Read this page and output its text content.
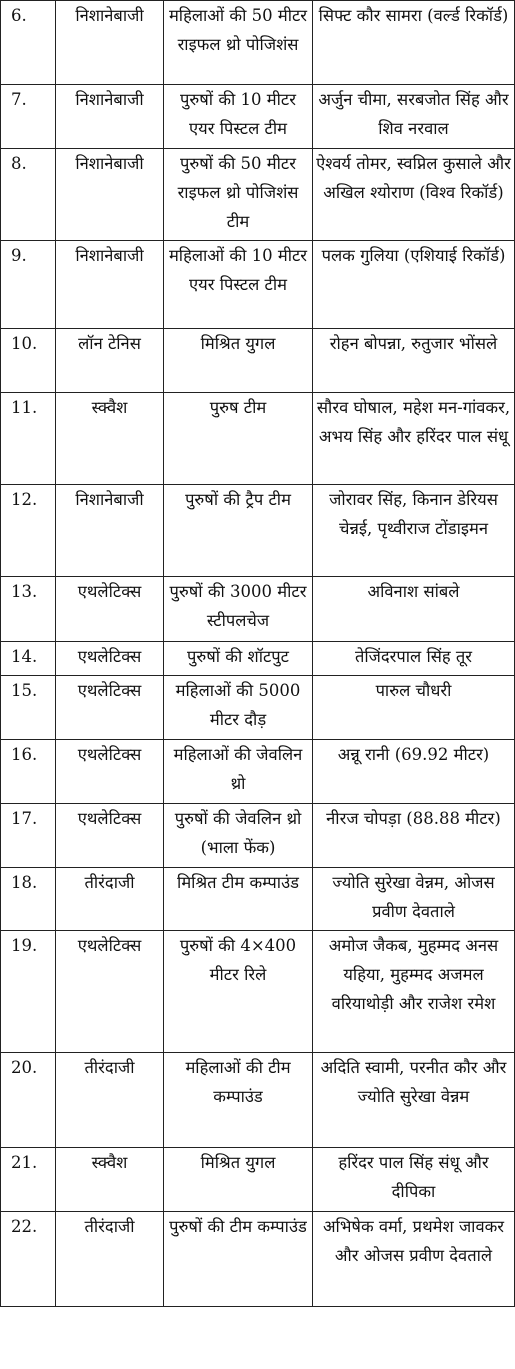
6.	निशानेबाजी	महिलाओं की 50 मीटर राइफल थ्रो पोजिशंस	सिफ्ट कौर सामरा (वर्ल्ड रिकॉर्ड)
7.	निशानेबाजी	पुरुषों की 10 मीटर एयर पिस्टल टीम	अर्जुन चीमा, सरबजोत सिंह और शिव नरवाल
8.	निशानेबाजी	पुरुषों की 50 मीटर राइफल थ्रो पोजिशंस टीम	ऐश्वर्य तोमर, स्वप्निल कुसाले और अखिल श्योराण (विश्व रिकॉर्ड)
9.	निशानेबाजी	महिलाओं की 10 मीटर एयर पिस्टल टीम	पलक गुलिया (एशियाई रिकॉर्ड)
10.	लॉन टेनिस	मिश्रित युगल	रोहन बोपन्ना, रुतुजार भोंसले
11.	स्क्वैश	पुरुष टीम	सौरव घोषाल, महेश मन-गांवकर, अभय सिंह और हरिंदर पाल संधू
12.	निशानेबाजी	पुरुषों की ट्रैप टीम	जोरावर सिंह, किनान डेरियस चेन्नई, पृथ्वीराज टोंडाइमन
13.	एथलेटिक्स	पुरुषों की 3000 मीटर स्टीपलचेज	अविनाश सांबले
14.	एथलेटिक्स	पुरुषों की शॉटपुट	तेजिंदरपाल सिंह तूर
15.	एथलेटिक्स	महिलाओं की 5000 मीटर दौड़	पारुल चौधरी
16.	एथलेटिक्स	महिलाओं की जेवलिन थ्रो	अन्नू रानी (69.92 मीटर)
17.	एथलेटिक्स	पुरुषों की जेवलिन थ्रो (भाला फेंक)	नीरज चोपड़ा (88.88 मीटर)
18.	तीरंदाजी	मिश्रित टीम कम्पाउंड	ज्योति सुरेखा वेन्नम, ओजस प्रवीण देवताले
19.	एथलेटिक्स	पुरुषों की 4×400 मीटर रिले	अमोज जैकब, मुहम्मद अनस यहिया, मुहम्मद अजमल वरियाथोड़ी और राजेश रमेश
20.	तीरंदाजी	महिलाओं की टीम कम्पाउंड	अदिति स्वामी, परनीत कौर और ज्योति सुरेखा वेन्नम
21.	स्क्वैश	मिश्रित युगल	हरिंदर पाल सिंह संधू और दीपिका
22.	तीरंदाजी	पुरुषों की टीम कम्पाउंड	अभिषेक वर्मा, प्रथमेश जावकर और ओजस प्रवीण देवताले
